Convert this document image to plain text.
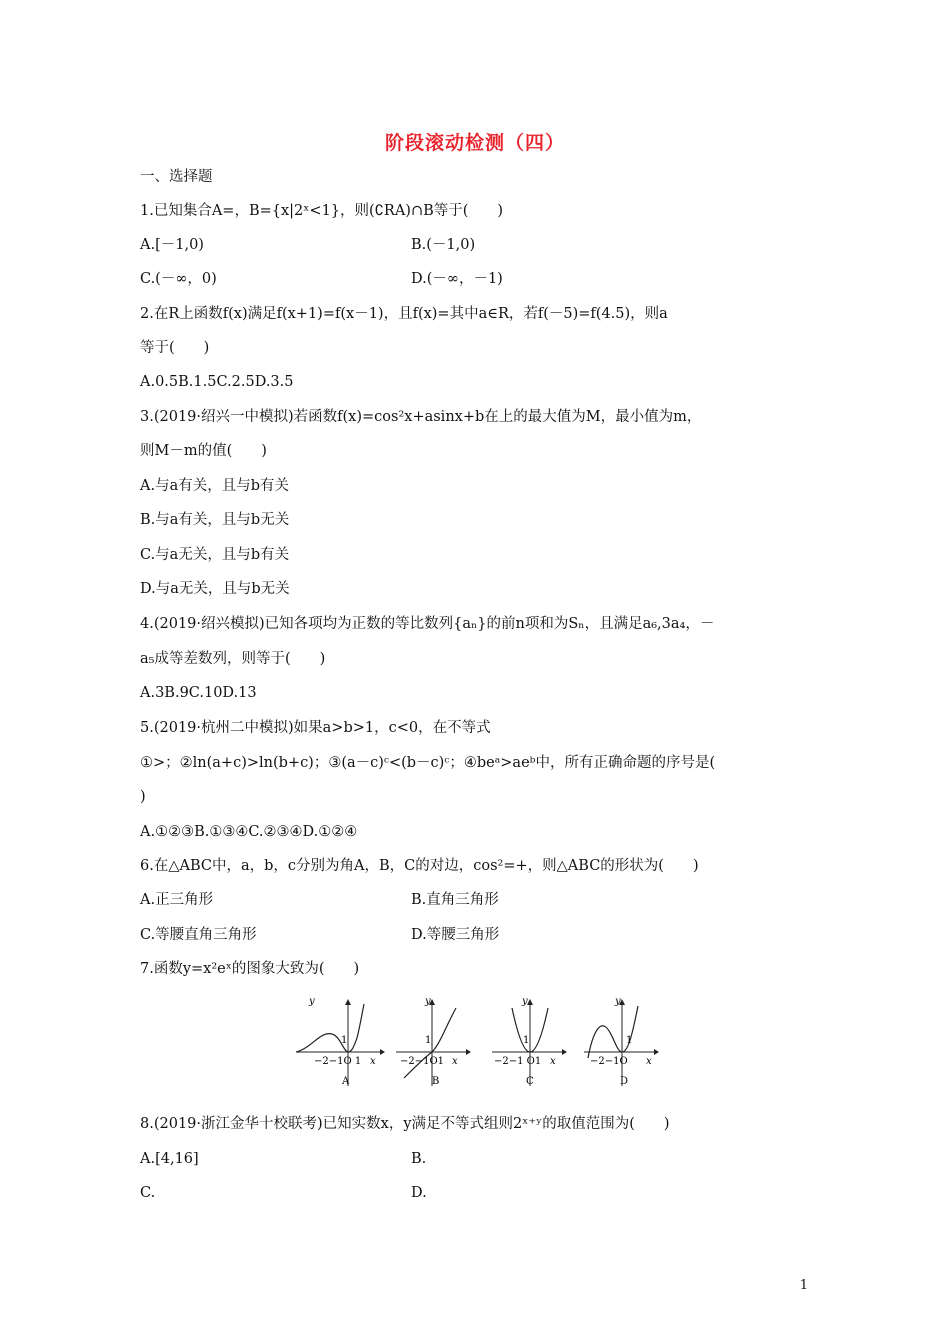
阶段滚动检测（四）
一、选择题
1.已知集合A=，B={x|2ˣ<1}，则(∁RA)∩B等于(　　)
A.[－1,0)	B.(－1,0)
C.(－∞，0)	D.(－∞，－1)
2.在R上函数f(x)满足f(x+1)=f(x－1)，且f(x)=其中a∈R，若f(－5)=f(4.5)，则a
等于(　　)
A.0.5B.1.5C.2.5D.3.5
3.(2019·绍兴一中模拟)若函数f(x)=cos²x+asinx+b在上的最大值为M，最小值为m，
则M－m的值(　　)
A.与a有关，且与b有关
B.与a有关，且与b无关
C.与a无关，且与b有关
D.与a无关，且与b无关
4.(2019·绍兴模拟)已知各项均为正数的等比数列{aₙ}的前n项和为Sₙ，且满足a₆,3a₄，－
a₅成等差数列，则等于(　　)
A.3B.9C.10D.13
5.(2019·杭州二中模拟)如果a>b>1，c<0，在不等式
①>；②ln(a+c)>ln(b+c)；③(a－c)ᶜ<(b－c)ᶜ；④beᵃ>aeᵇ中，所有正确命题的序号是(
)
A.①②③B.①③④C.②③④D.①②④
6.在△ABC中，a，b，c分别为角A，B，C的对边，cos²=+，则△ABC的形状为(　　)
A.正三角形	B.直角三角形
C.等腰直角三角形	D.等腰三角形
7.函数y=x²eˣ的图象大致为(　　)
y
1
−2−1O 1 x
A
y
1
−2−1O1 x
B
y
1
−2−1 O1 x
C
y
1
−2−1O x
D
8.(2019·浙江金华十校联考)已知实数x，y满足不等式组则2ˣ⁺ʸ的取值范围为(　　)
A.[4,16]	B.
C.	D.
1
